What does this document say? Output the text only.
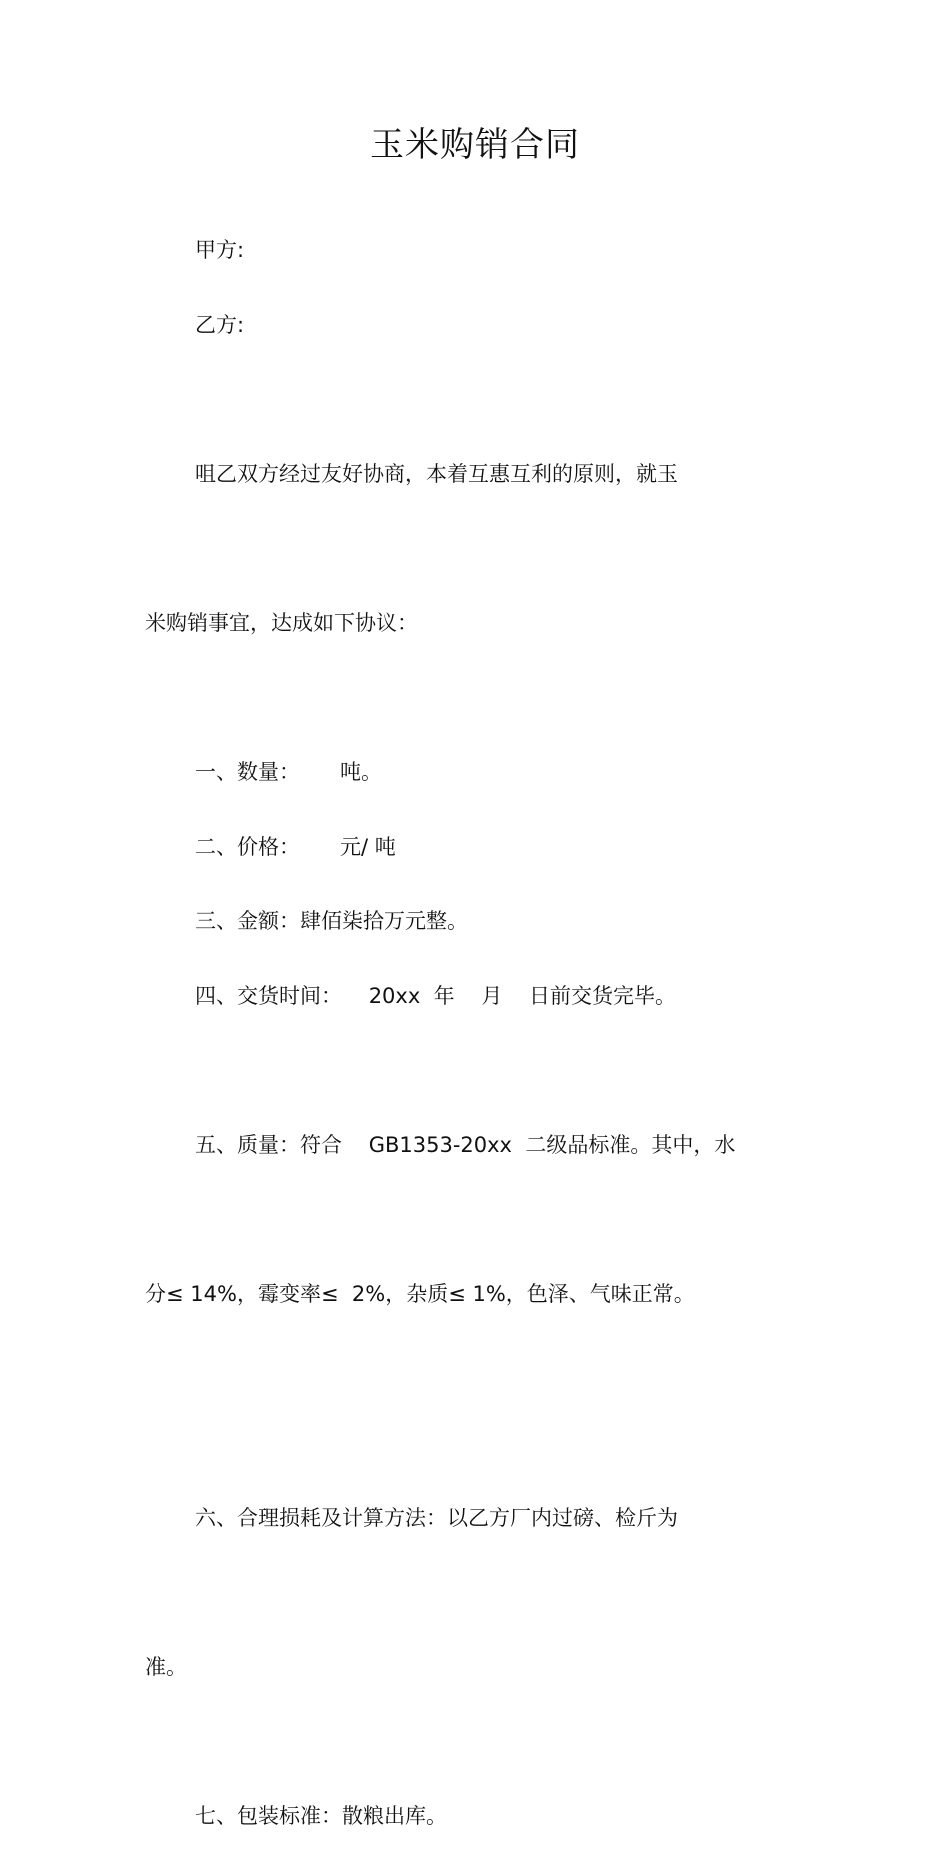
玉米购销合同

甲方:

乙方:

咀乙双方经过友好协商，本着互惠互利的原则，就玉

米购销事宜，达成如下协议：

一、数量：      吨。

二、价格：      元/ 吨

三、金额：肆佰柒拾万元整。

四、交货时间：    20xx  年    月    日前交货完毕。

五、质量：符合    GB1353-20xx  二级品标准。其中，水

分≤ 14%，霉变率≤  2%，杂质≤ 1%，色泽、气味正常。

六、合理损耗及计算方法：以乙方厂内过磅、检斤为

准。

七、包装标准：散粮出库。
